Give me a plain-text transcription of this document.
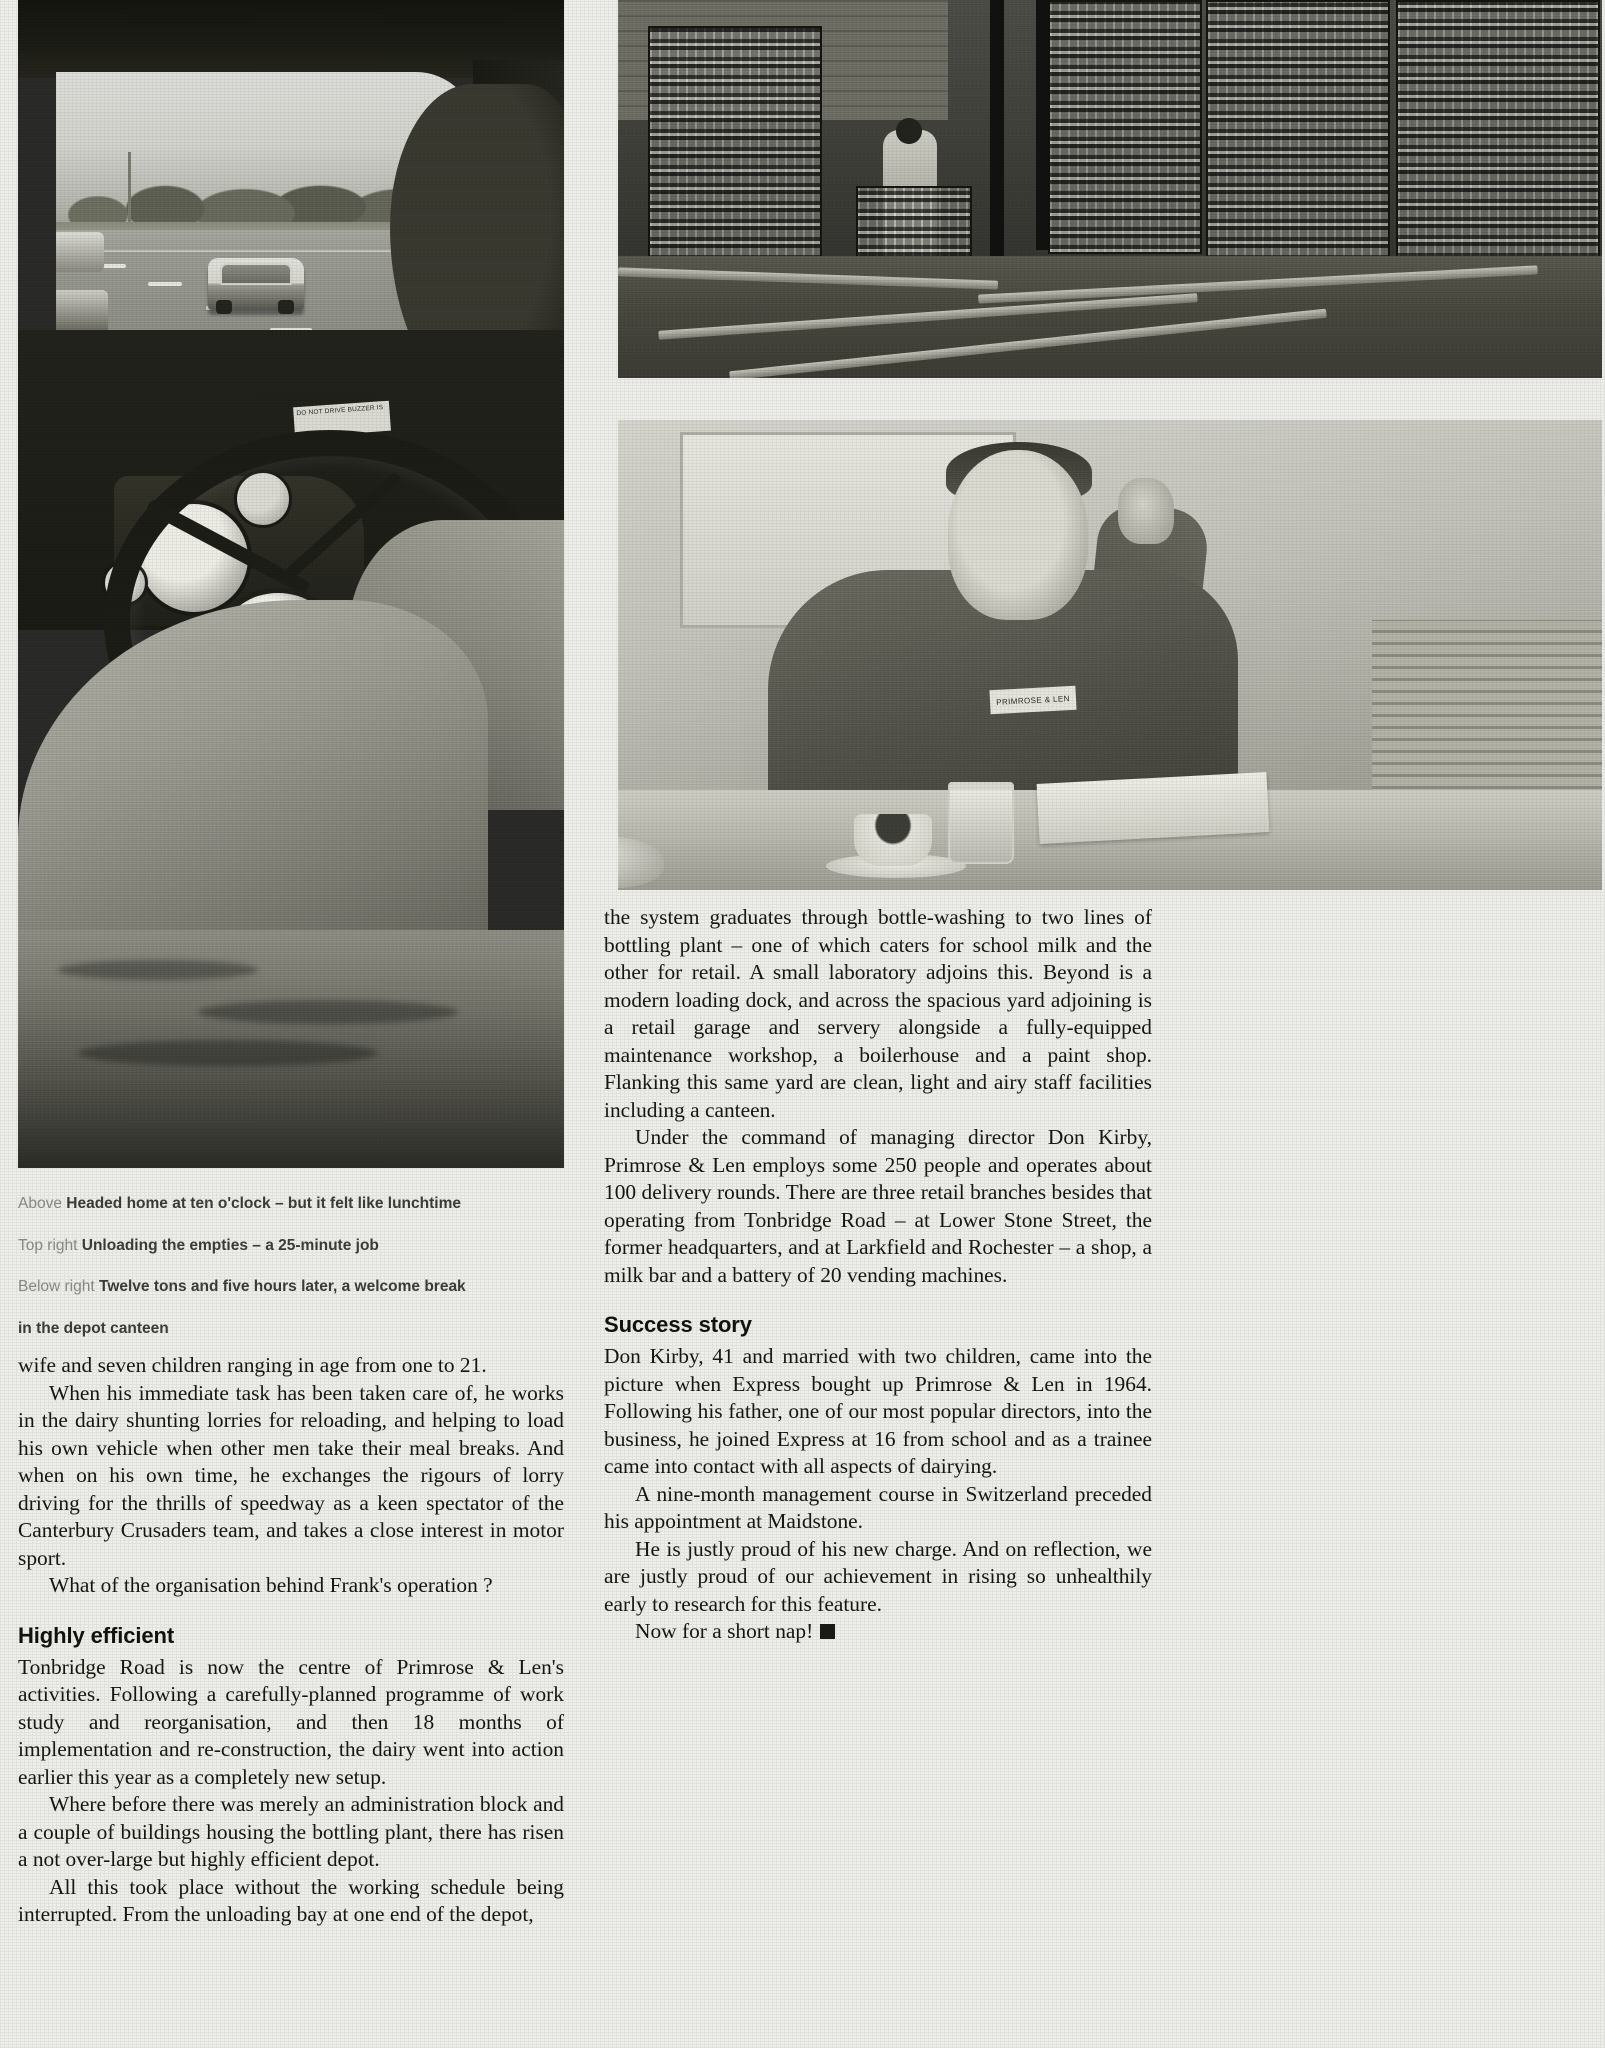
DO NOT DRIVE BUZZER IS
PRIMROSE & LEN

Above Headed home at ten o'clock – but it felt like lunchtime

Top right Unloading the empties – a 25-minute job

Below right Twelve tons and five hours later, a welcome break

in the depot canteen

wife and seven children ranging in age from one to 21.

When his immediate task has been taken care of, he works in the dairy shunting lorries for reloading, and helping to load his own vehicle when other men take their meal breaks. And when on his own time, he exchanges the rigours of lorry driving for the thrills of speedway as a keen spectator of the Canterbury Crusaders team, and takes a close interest in motor sport.

What of the organisation behind Frank's operation ?

Highly efficient

Tonbridge Road is now the centre of Primrose & Len's activities. Following a carefully-planned programme of work study and reorganisation, and then 18 months of implementation and re-construction, the dairy went into action earlier this year as a completely new setup.

Where before there was merely an administration block and a couple of buildings housing the bottling plant, there has risen a not over-large but highly efficient depot.

All this took place without the working schedule being interrupted. From the unloading bay at one end of the depot,

the system graduates through bottle-washing to two lines of bottling plant – one of which caters for school milk and the other for retail. A small laboratory adjoins this. Beyond is a modern loading dock, and across the spacious yard adjoining is a retail garage and servery alongside a fully-equipped maintenance workshop, a boilerhouse and a paint shop. Flanking this same yard are clean, light and airy staff facilities including a canteen.

Under the command of managing director Don Kirby, Primrose & Len employs some 250 people and operates about 100 delivery rounds. There are three retail branches besides that operating from Tonbridge Road – at Lower Stone Street, the former headquarters, and at Larkfield and Rochester – a shop, a milk bar and a battery of 20 vending machines.

Success story

Don Kirby, 41 and married with two children, came into the picture when Express bought up Primrose & Len in 1964. Following his father, one of our most popular directors, into the business, he joined Express at 16 from school and as a trainee came into contact with all aspects of dairying.

A nine-month management course in Switzerland preceded his appointment at Maidstone.

He is justly proud of his new charge. And on reflection, we are justly proud of our achievement in rising so unhealthily early to research for this feature.

Now for a short nap!
